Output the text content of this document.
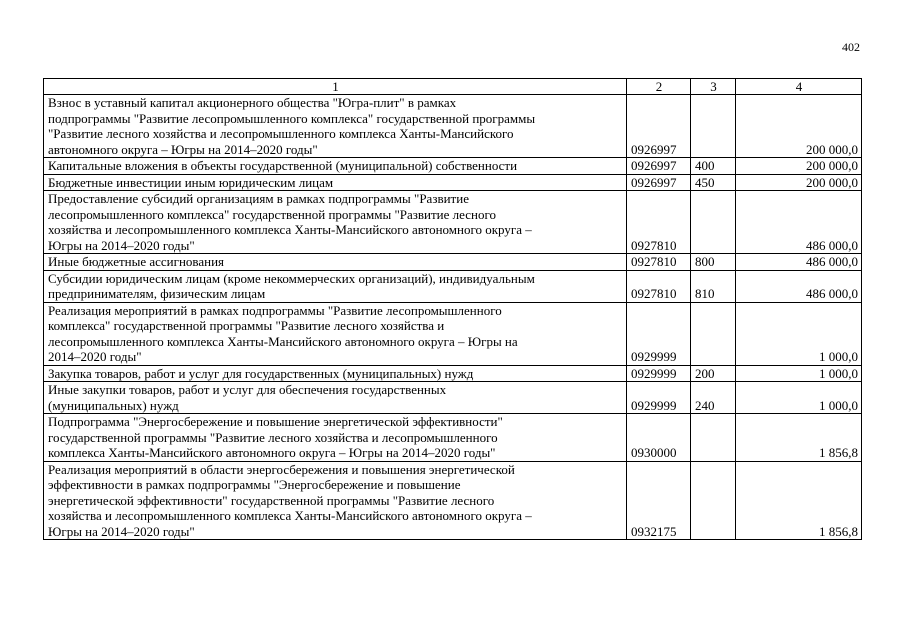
402
1	2	3	4

Взнос в уставный капитал акционерного общества "Югра-плит" в рамках
подпрограммы "Развитие лесопромышленного комплекса" государственной программы
"Развитие лесного хозяйства и лесопромышленного комплекса Ханты-Мансийского
автономного округа – Югры на 2014–2020 годы"	0926997		200 000,0

Капитальные вложения в объекты государственной (муниципальной) собственности	0926997	400	200 000,0

Бюджетные инвестиции иным юридическим лицам	0926997	450	200 000,0

Предоставление субсидий организациям в рамках подпрограммы "Развитие
лесопромышленного комплекса" государственной программы "Развитие лесного
хозяйства и лесопромышленного комплекса Ханты-Мансийского автономного округа –
Югры на 2014–2020 годы"	0927810		486 000,0

Иные бюджетные ассигнования	0927810	800	486 000,0

Субсидии юридическим лицам (кроме некоммерческих организаций), индивидуальным
предпринимателям, физическим лицам	0927810	810	486 000,0

Реализация мероприятий в рамках подпрограммы "Развитие лесопромышленного
комплекса" государственной программы "Развитие лесного хозяйства и
лесопромышленного комплекса Ханты-Мансийского автономного округа – Югры на
2014–2020 годы"	0929999		1 000,0

Закупка товаров, работ и услуг для государственных (муниципальных) нужд	0929999	200	1 000,0

Иные закупки товаров, работ и услуг для обеспечения государственных
(муниципальных) нужд	0929999	240	1 000,0

Подпрограмма "Энергосбережение и повышение энергетической эффективности"
государственной программы "Развитие лесного хозяйства и лесопромышленного
комплекса Ханты-Мансийского автономного округа – Югры на 2014–2020 годы"	0930000		1 856,8

Реализация мероприятий в области энергосбережения и повышения энергетической
эффективности в рамках подпрограммы "Энергосбережение и повышение
энергетической эффективности" государственной программы "Развитие лесного
хозяйства и лесопромышленного комплекса Ханты-Мансийского автономного округа –
Югры на 2014–2020 годы"	0932175		1 856,8
